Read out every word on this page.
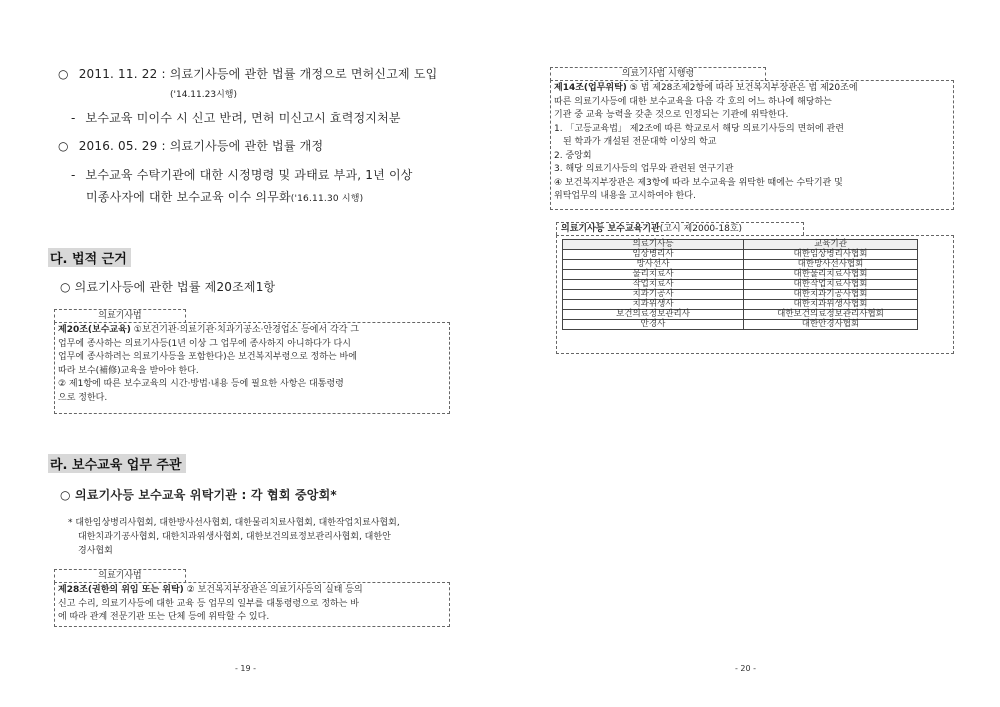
○ 2011. 11. 22 : 의료기사등에 관한 법률 개정으로 면허신고제 도입
('14.11.23시행)
- 보수교육 미이수 시 신고 반려, 면허 미신고시 효력정지처분
○ 2016. 05. 29 : 의료기사등에 관한 법률 개정
- 보수교육 수탁기관에 대한 시정명령 및 과태료 부과, 1년 이상
미종사자에 대한 보수교육 이수 의무화('16.11.30 시행)
다. 법적 근거
○ 의료기사등에 관한 법률 제20조제1항
의료기사법
제20조(보수교육) ①보건기관·의료기관·치과기공소·안경업소 등에서 각각 그
업무에 종사하는 의료기사등(1년 이상 그 업무에 종사하지 아니하다가 다시
업무에 종사하려는 의료기사등을 포함한다)은 보건복지부령으로 정하는 바에
따라 보수(補修)교육을 받아야 한다.
② 제1항에 따른 보수교육의 시간·방법·내용 등에 필요한 사항은 대통령령
으로 정한다.
라. 보수교육 업무 주관
○ 의료기사등 보수교육 위탁기관 : 각 협회 중앙회*
* 대한임상병리사협회, 대한방사선사협회, 대한물리치료사협회, 대한작업치료사협회,
대한치과기공사협회, 대한치과위생사협회, 대한보건의료정보관리사협회, 대한안
경사협회
의료기사법
제28조(권한의 위임 또는 위탁) ② 보건복지부장관은 의료기사등의 실태 등의
신고 수리, 의료기사등에 대한 교육 등 업무의 일부를 대통령령으로 정하는 바
에 따라 관계 전문기관 또는 단체 등에 위탁할 수 있다.
- 19 -
의료기사법 시행령
제14조(업무위탁) ⑤ 법 제28조제2항에 따라 보건복지부장관은 법 제20조에
따른 의료기사등에 대한 보수교육을 다음 각 호의 어느 하나에 해당하는
기관 중 교육 능력을 갖춘 것으로 인정되는 기관에 위탁한다.
1. 「고등교육법」 제2조에 따른 학교로서 해당 의료기사등의 면허에 관련
된 학과가 개설된 전문대학 이상의 학교
2. 중앙회
3. 해당 의료기사등의 업무와 관련된 연구기관
④ 보건복지부장관은 제3항에 따라 보수교육을 위탁한 때에는 수탁기관 및
위탁업무의 내용을 고시하여야 한다.
의료기사등 보수교육기관(고시 제2000-18호)
의료기사등	교육기관
임상병리사	대한임상병리사협회
방사선사	대한방사선사협회
물리치료사	대한물리치료사협회
작업치료사	대한작업치료사협회
치과기공사	대한치과기공사협회
치과위생사	대한치과위생사협회
보건의료정보관리사	대한보건의료정보관리사협회
안경사	대한안경사협회
- 20 -
